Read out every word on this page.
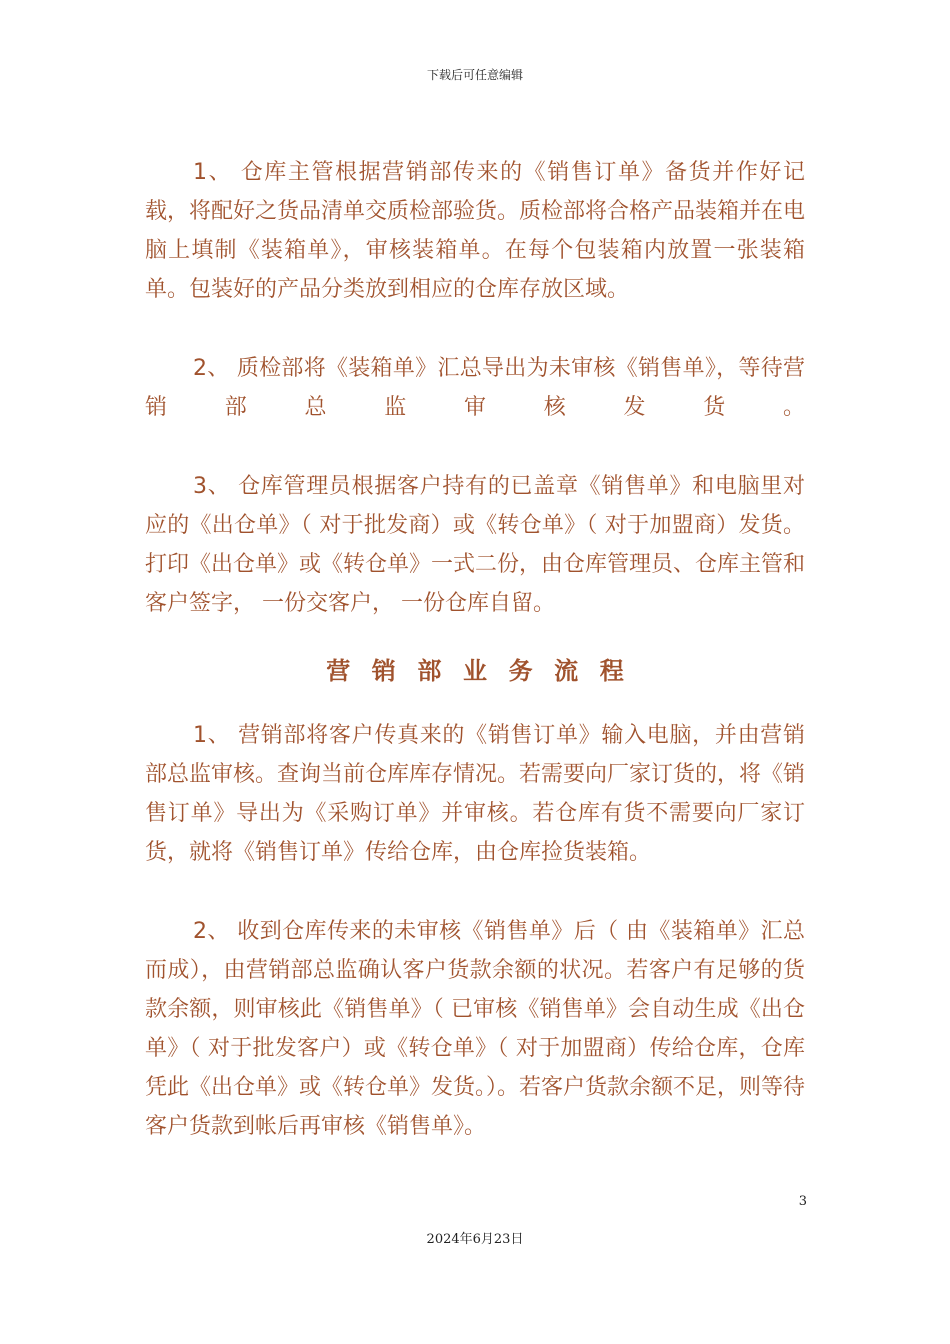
下载后可任意编辑

1、 仓库主管根据营销部传来的《销售订单》备货并作好记载，将配好之货品清单交质检部验货。质检部将合格产品装箱并在电脑上填制《装箱单》，审核装箱单。在每个包装箱内放置一张装箱单。包装好的产品分类放到相应的仓库存放区域。

2、 质检部将《装箱单》汇总导出为未审核《销售单》，等待营销部总监审核发货。

3、 仓库管理员根据客户持有的已盖章《销售单》和电脑里对应的《出仓单》（ 对于批发商）或《转仓单》（ 对于加盟商）发货。打印《出仓单》或《转仓单》一式二份，由仓库管理员、仓库主管和客户签字， 一份交客户， 一份仓库自留。

营销部业务流程

1、 营销部将客户传真来的《销售订单》输入电脑，并由营销部总监审核。查询当前仓库库存情况。若需要向厂家订货的，将《销售订单》导出为《采购订单》并审核。若仓库有货不需要向厂家订货，就将《销售订单》传给仓库，由仓库捡货装箱。

2、 收到仓库传来的未审核《销售单》后（ 由《装箱单》汇总而成），由营销部总监确认客户货款余额的状况。若客户有足够的货款余额，则审核此《销售单》（ 已审核《销售单》会自动生成《出仓单》（ 对于批发客户）或《转仓单》（ 对于加盟商）传给仓库，仓库凭此《出仓单》或《转仓单》发货。）。若客户货款余额不足，则等待客户货款到帐后再审核《销售单》。

3
2024年6月23日
